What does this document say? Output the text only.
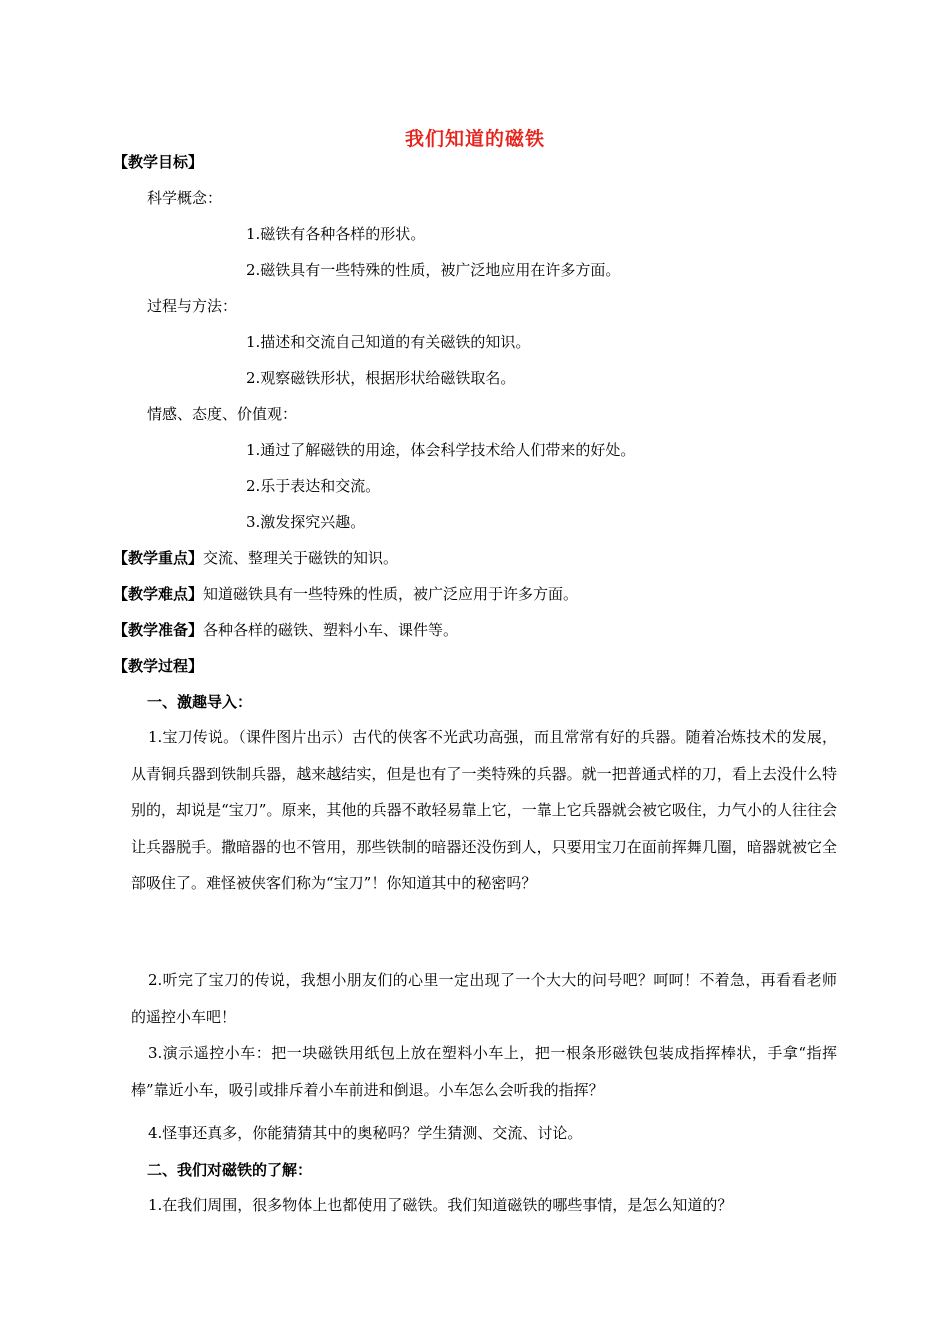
我们知道的磁铁
【教学目标】
科学概念：
1.磁铁有各种各样的形状。
2.磁铁具有一些特殊的性质，被广泛地应用在许多方面。
过程与方法：
1.描述和交流自己知道的有关磁铁的知识。
2.观察磁铁形状，根据形状给磁铁取名。
情感、态度、价值观：
1.通过了解磁铁的用途，体会科学技术给人们带来的好处。
2.乐于表达和交流。
3.激发探究兴趣。
【教学重点】交流、整理关于磁铁的知识。
【教学难点】知道磁铁具有一些特殊的性质，被广泛应用于许多方面。
【教学准备】各种各样的磁铁、塑料小车、课件等。
【教学过程】
一、激趣导入：
1.宝刀传说。（课件图片出示）古代的侠客不光武功高强，而且常常有好的兵器。随着冶炼技术的发展，从青铜兵器到铁制兵器，越来越结实，但是也有了一类特殊的兵器。就一把普通式样的刀，看上去没什么特别的，却说是“宝刀”。原来，其他的兵器不敢轻易靠上它，一靠上它兵器就会被它吸住，力气小的人往往会让兵器脱手。撒暗器的也不管用，那些铁制的暗器还没伤到人，只要用宝刀在面前挥舞几圈，暗器就被它全部吸住了。难怪被侠客们称为“宝刀”！你知道其中的秘密吗？
2.听完了宝刀的传说，我想小朋友们的心里一定出现了一个大大的问号吧？呵呵！不着急，再看看老师的遥控小车吧！
3.演示遥控小车：把一块磁铁用纸包上放在塑料小车上，把一根条形磁铁包装成指挥棒状，手拿“指挥棒”靠近小车，吸引或排斥着小车前进和倒退。小车怎么会听我的指挥？
4.怪事还真多，你能猜猜其中的奥秘吗？学生猜测、交流、讨论。
二、我们对磁铁的了解：
1.在我们周围，很多物体上也都使用了磁铁。我们知道磁铁的哪些事情，是怎么知道的？
